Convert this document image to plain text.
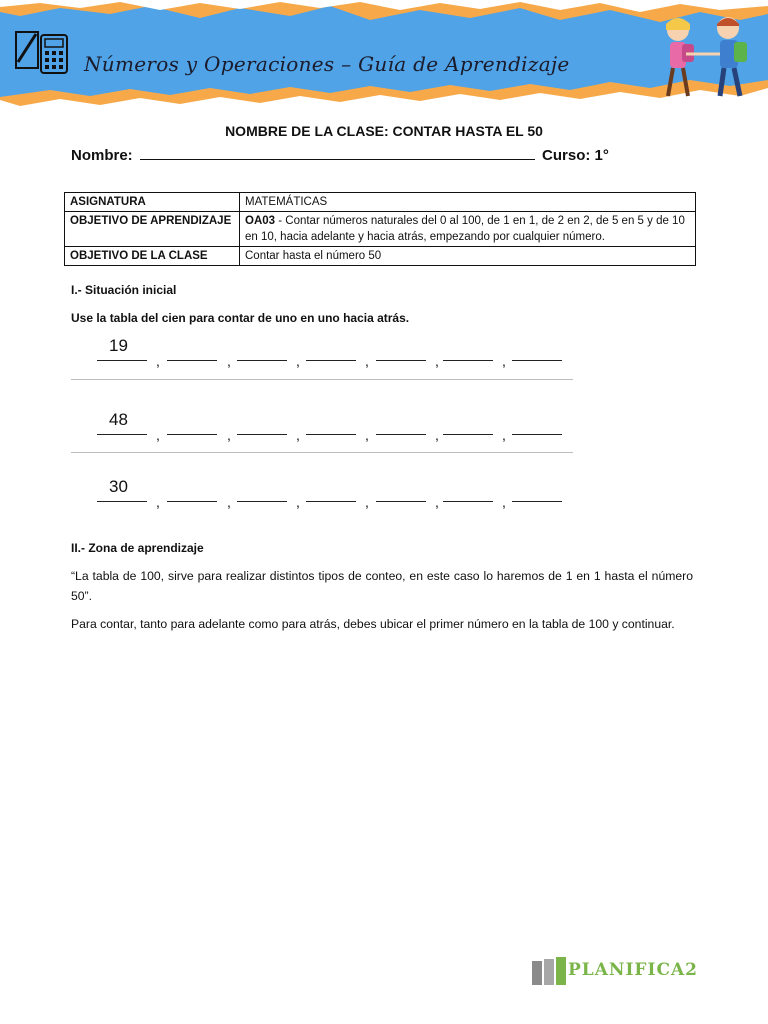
Números y Operaciones – Guía de Aprendizaje
NOMBRE DE LA CLASE: CONTAR HASTA EL 50
Nombre:	Curso: 1°
ASIGNATURA	MATEMÁTICAS
OBJETIVO DE APRENDIZAJE	OA03 - Contar números naturales del 0 al 100, de 1 en 1, de 2 en 2, de 5 en 5 y de 10 en 10, hacia adelante y hacia atrás, empezando por cualquier número.
OBJETIVO DE LA CLASE	Contar hasta el número 50
I.- Situación inicial
Use la tabla del cien para contar de uno en uno hacia atrás.
19
,	,	,	,	,	,
48
,	,	,	,	,	,
30
,	,	,	,	,	,
II.- Zona de aprendizaje
“La tabla de 100, sirve para realizar distintos tipos de conteo, en este caso lo haremos de 1 en 1 hasta el número 50”.
Para contar, tanto para adelante como para atrás, debes ubicar el primer número en la tabla de 100 y continuar.
PLANIFICA2
